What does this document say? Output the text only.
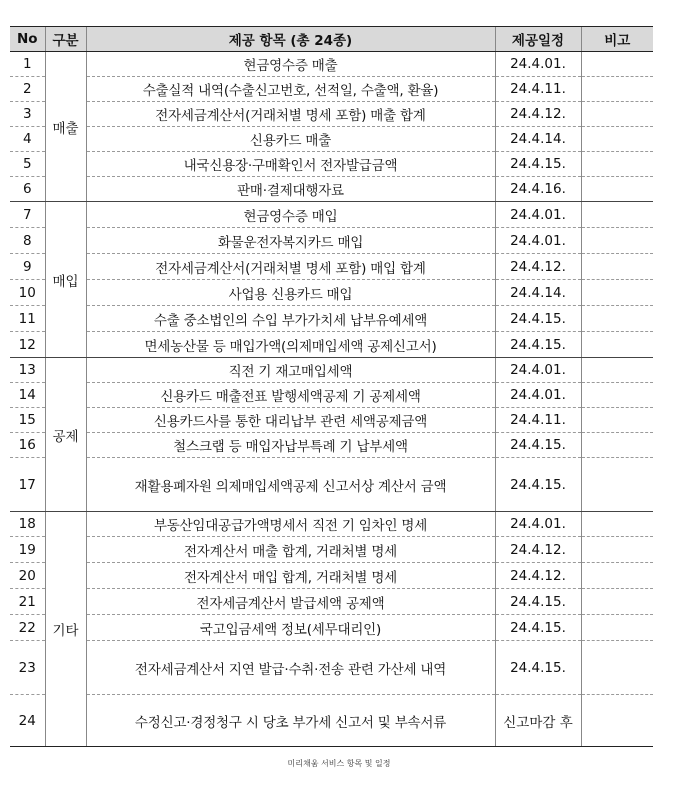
No	구분	제공 항목 (총 24종)	제공일정	비고
1	매출	현금영수증 매출	24.4.01.	
2		수출실적 내역(수출신고번호, 선적일, 수출액, 환율)	24.4.11.	
3		전자세금계산서(거래처별 명세 포함) 매출 합계	24.4.12.	
4		신용카드 매출	24.4.14.	
5		내국신용장·구매확인서 전자발급금액	24.4.15.	
6		판매·결제대행자료	24.4.16.	
7	매입	현금영수증 매입	24.4.01.	
8		화물운전자복지카드 매입	24.4.01.	
9		전자세금계산서(거래처별 명세 포함) 매입 합계	24.4.12.	
10		사업용 신용카드 매입	24.4.14.	
11		수출 중소법인의 수입 부가가치세 납부유예세액	24.4.15.	
12		면세농산물 등 매입가액(의제매입세액 공제신고서)	24.4.15.	
13	공제	직전 기 재고매입세액	24.4.01.	
14		신용카드 매출전표 발행세액공제 기 공제세액	24.4.01.	
15		신용카드사를 통한 대리납부 관련 세액공제금액	24.4.11.	
16		철스크랩 등 매입자납부특례 기 납부세액	24.4.15.	
17		재활용폐자원 의제매입세액공제 신고서상 계산서 금액	24.4.15.	
18	기타	부동산임대공급가액명세서 직전 기 임차인 명세	24.4.01.	
19		전자계산서 매출 합계, 거래처별 명세	24.4.12.	
20		전자계산서 매입 합계, 거래처별 명세	24.4.12.	
21		전자세금계산서 발급세액 공제액	24.4.15.	
22		국고입금세액 정보(세무대리인)	24.4.15.	
23		전자세금계산서 지연 발급·수취·전송 관련 가산세 내역	24.4.15.	
24		수정신고·경정청구 시 당초 부가세 신고서 및 부속서류	신고마감 후	
미리채움 서비스 항목 및 일정
